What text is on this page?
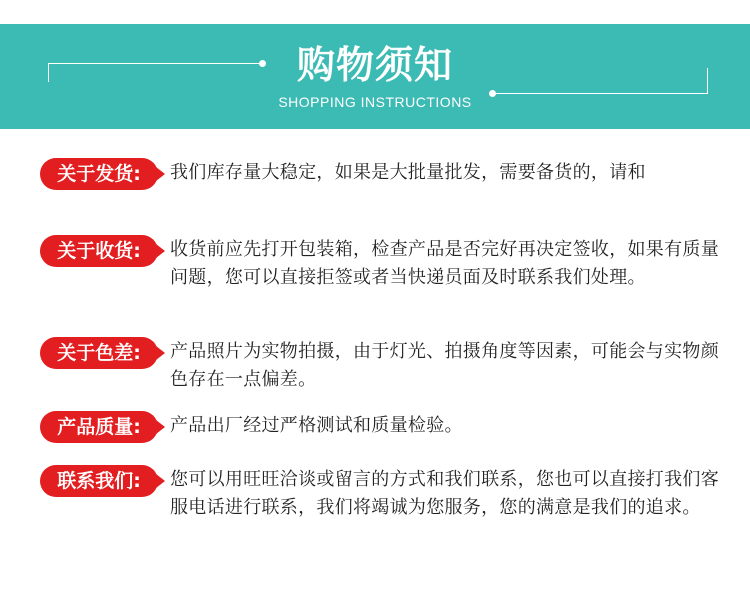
购物须知
SHOPPING INSTRUCTIONS
关于发货:	我们库存量大稳定，如果是大批量批发，需要备货的，请和
关于收货:	收货前应先打开包装箱，检查产品是否完好再决定签收，如果有质量问题，您可以直接拒签或者当快递员面及时联系我们处理。
关于色差:	产品照片为实物拍摄，由于灯光、拍摄角度等因素，可能会与实物颜色存在一点偏差。
产品质量:	产品出厂经过严格测试和质量检验。
联系我们:	您可以用旺旺洽谈或留言的方式和我们联系，您也可以直接打我们客服电话进行联系，我们将竭诚为您服务，您的满意是我们的追求。
